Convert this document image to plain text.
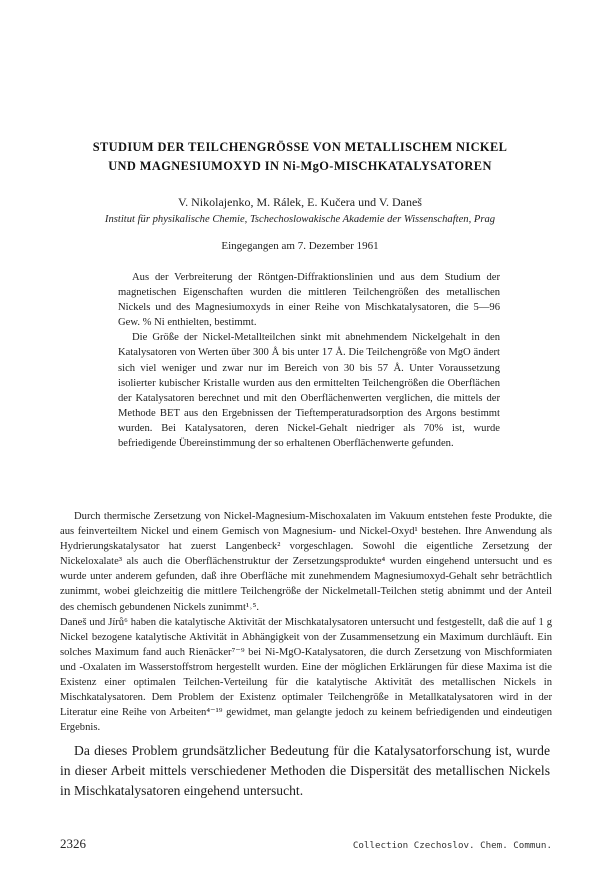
STUDIUM DER TEILCHENGRÖSSE VON METALLISCHEM NICKEL
UND MAGNESIUMOXYD IN Ni-MgO-MISCHKATALYSATOREN
V. Nikolajenko, M. Rálek, E. Kučera und V. Daneš
Institut für physikalische Chemie, Tschechoslowakische Akademie der Wissenschaften, Prag
Eingegangen am 7. Dezember 1961

Aus der Verbreiterung der Röntgen-Diffraktionslinien und aus dem Studium der magnetischen Eigenschaften wurden die mittleren Teilchengrößen des metallischen Nickels und des Magnesiumoxyds in einer Reihe von Mischkatalysatoren, die 5—96 Gew. % Ni enthielten, bestimmt.

Die Größe der Nickel-Metallteilchen sinkt mit abnehmendem Nickelgehalt in den Katalysatoren von Werten über 300 Å bis unter 17 Å. Die Teilchengröße von MgO ändert sich viel weniger und zwar nur im Bereich von 30 bis 57 Å. Unter Voraussetzung isolierter kubischer Kristalle wurden aus den ermittelten Teilchengrößen die Oberflächen der Katalysatoren berechnet und mit den Oberflächenwerten verglichen, die mittels der Methode BET aus den Ergebnissen der Tieftemperaturadsorption des Argons bestimmt wurden. Bei Katalysatoren, deren Nickel-Gehalt niedriger als 70% ist, wurde befriedigende Übereinstimmung der so erhaltenen Oberflächenwerte gefunden.

Durch thermische Zersetzung von Nickel-Magnesium-Mischoxalaten im Vakuum entstehen feste Produkte, die aus feinverteiltem Nickel und einem Gemisch von Magnesium- und Nickel-Oxyd¹ bestehen. Ihre Anwendung als Hydrierungskatalysator hat zuerst Langenbeck² vorgeschlagen. Sowohl die eigentliche Zersetzung der Nickeloxalate³ als auch die Oberflächenstruktur der Zersetzungsprodukte⁴ wurden eingehend untersucht und es wurde unter anderem gefunden, daß ihre Oberfläche mit zunehmendem Magnesiumoxyd-Gehalt sehr beträchtlich zunimmt, wobei gleichzeitig die mittlere Teilchengröße der Nickelmetall-Teilchen stetig abnimmt und der Anteil des chemisch gebundenen Nickels zunimmt¹˒⁵.

Daneš und Jírů⁶ haben die katalytische Aktivität der Mischkatalysatoren untersucht und festgestellt, daß die auf 1 g Nickel bezogene katalytische Aktivität in Abhängigkeit von der Zusammensetzung ein Maximum durchläuft. Ein solches Maximum fand auch Rienäcker⁷⁻⁹ bei Ni-MgO-Katalysatoren, die durch Zersetzung von Mischformiaten und -Oxalaten im Wasserstoffstrom hergestellt wurden. Eine der möglichen Erklärungen für diese Maxima ist die Existenz einer optimalen Teilchen-Verteilung für die katalytische Aktivität des metallischen Nickels in Mischkatalysatoren. Dem Problem der Existenz optimaler Teilchengröße in Metallkatalysatoren wird in der Literatur eine Reihe von Arbeiten⁴⁻¹⁹ gewidmet, man gelangte jedoch zu keinem befriedigenden und eindeutigen Ergebnis.

Da dieses Problem grundsätzlicher Bedeutung für die Katalysatorforschung ist, wurde in dieser Arbeit mittels verschiedener Methoden die Dispersität des metallischen Nickels in Mischkatalysatoren eingehend untersucht.

2326	Collection Czechoslov. Chem. Commun.
